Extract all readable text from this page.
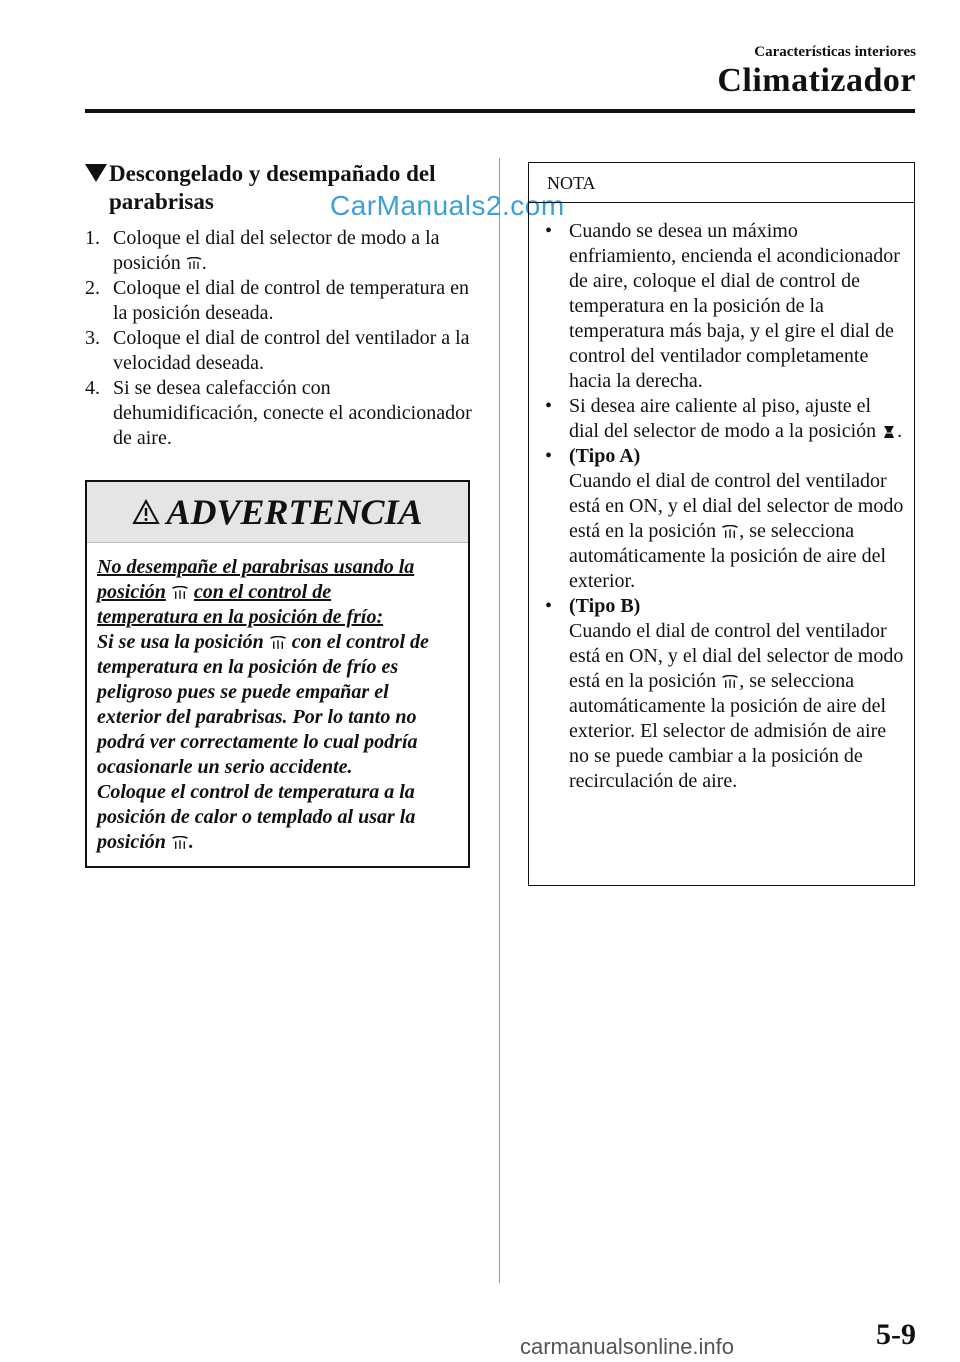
Características interiores
Climatizador
Descongelado y desempañado del
parabrisas	CarManuals2.com
1. Coloque el dial del selector de modo a la posición .
2. Coloque el dial de control de temperatura en la posición deseada.
3. Coloque el dial de control del ventilador a la velocidad deseada.
4. Si se desea calefacción con dehumidificación, conecte el acondicionador de aire.
ADVERTENCIA
No desempañe el parabrisas usando la
posición con el control de
temperatura en la posición de frío:
Si se usa la posición con el control de temperatura en la posición de frío es peligroso pues se puede empañar el exterior del parabrisas. Por lo tanto no podrá ver correctamente lo cual podría ocasionarle un serio accidente.
Coloque el control de temperatura a la posición de calor o templado al usar la posición .
NOTA
• Cuando se desea un máximo enfriamiento, encienda el acondicionador de aire, coloque el dial de control de temperatura en la posición de la temperatura más baja, y el gire el dial de control del ventilador completamente hacia la derecha.
• Si desea aire caliente al piso, ajuste el dial del selector de modo a la posición .
• (Tipo A)
Cuando el dial de control del ventilador está en ON, y el dial del selector de modo está en la posición , se selecciona automáticamente la posición de aire del exterior.
• (Tipo B)
Cuando el dial de control del ventilador está en ON, y el dial del selector de modo está en la posición , se selecciona automáticamente la posición de aire del exterior. El selector de admisión de aire no se puede cambiar a la posición de recirculación de aire.
5-9
carmanualsonline.info
